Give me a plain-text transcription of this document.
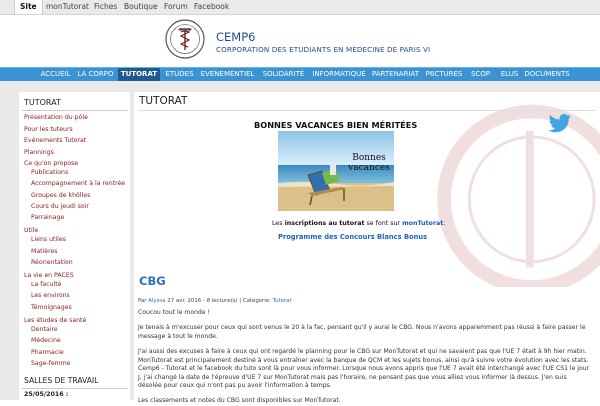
Site	monTutorat Fiches Boutique Forum Facebook
CEMP6
CORPORATION DES ETUDIANTS EN MÉDECINE DE PARIS VI
ACCUEIL LA CORPO	TUTORAT	ETUDES	EVENEMENTIEL	SOLIDARITÉ	INFORMATIQUE PARTENARIAT P6CTURES	SCOP	ELUS DOCUMENTS
TUTORAT
Présentation du pôle
Pour les tuteurs
Evénements Tutorat
Plannings
Ce qu'on propose
Publications
Accompagnement à la rentrée
Groupes de khôlles
Cours du jeudi soir
Parrainage
Utile
Liens utiles
Matières
Réorientation
La vie en PACES
La faculté
Les environs
Témoignages
Les études de santé
Dentaire
Médecine
Pharmacie
Sage-femme
SALLES DE TRAVAIL
25/05/2016 :
TUTORAT
BONNES VACANCES BIEN MÉRITÉES
Bonnes vacances
Les inscriptions au tutorat se font sur monTutorat.
Programme des Concours Blancs Bonus
CBG
Par Alyssa 27 avr. 2016 - 8 lecture(s) | Catégorie: Tutorat
Coucou tout le monde !
Je tenais à m'excuser pour ceux qui sont venus le 20 à la fac, pensant qu'il y aurai le CBG. Nous n'avons apparemment pas réussi à faire passer le message à tout le monde.
J'ai aussi des excuses à faire à ceux qui ont regardé le planning pour le CBG sur MonTutorat et qui ne savaient pas que l'UE 7 était à 9h hier matin. MonTutorat est principalement destiné à vous entraîner avec la banque de QCM et les sujets bonus, ainsi qu'à suivre votre évolution avec les stats. Cemp6 - Tutorat et le facebook du tuto sont là pour vous informer. Lorsque nous avons appris que l'UE 7 avait été interchangé avec l'UE CS1 le jour J, j'ai changé la date de l'épreuve d'UE 7 sur MonTutorat mais pas l'horaire, ne pensant pas que vous alliez vous informer là dessus. J'en suis désolée pour ceux qui n'ont pas pu avoir l'information à temps.
Les classements et notes du CBG sont disponibles sur MonTutorat.
